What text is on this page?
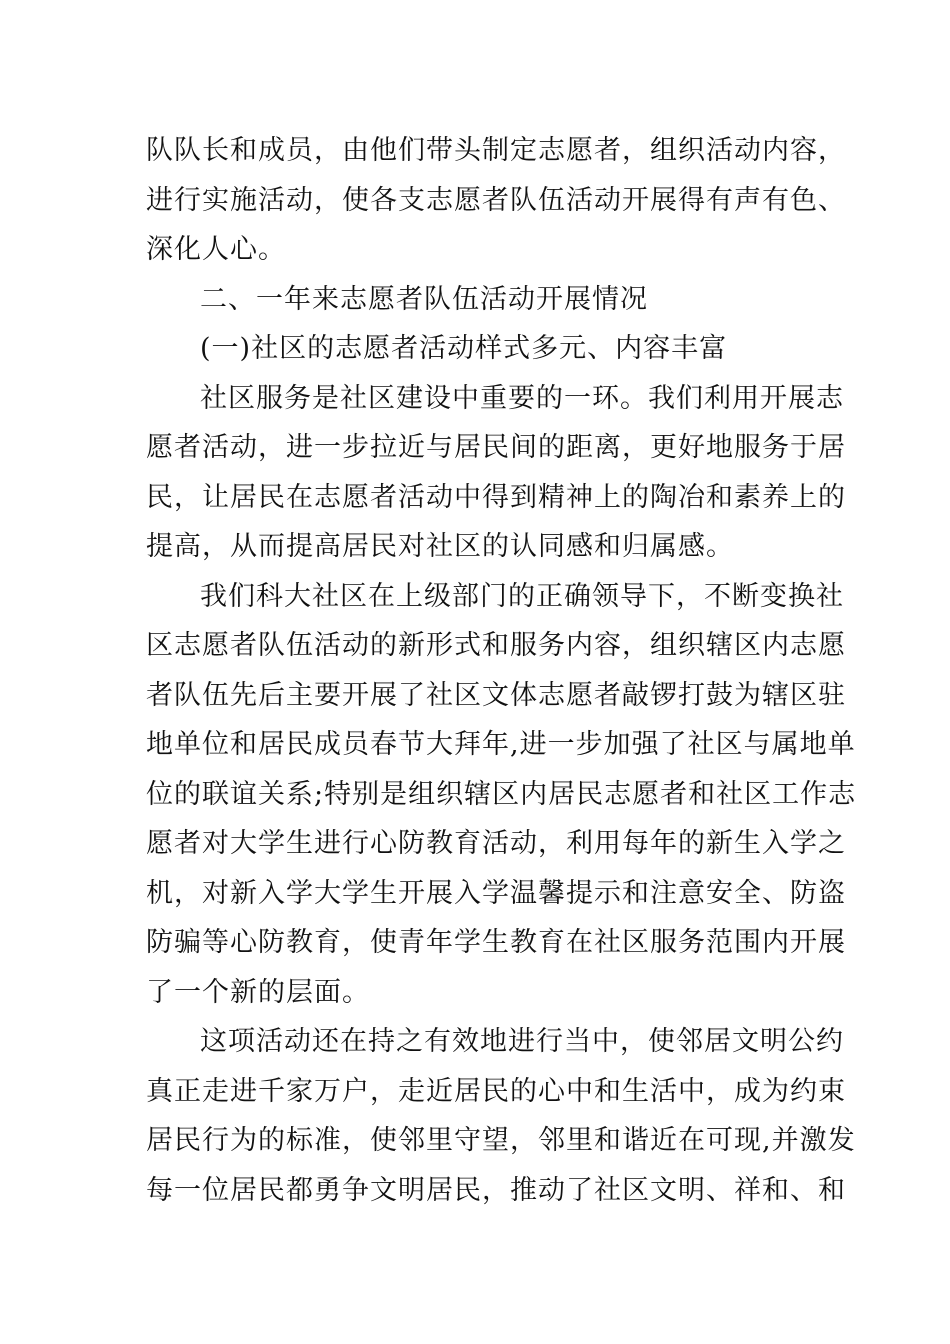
队队长和成员，由他们带头制定志愿者，组织活动内容，
进行实施活动，使各支志愿者队伍活动开展得有声有色、
深化人心。
二、一年来志愿者队伍活动开展情况
(一)社区的志愿者活动样式多元、内容丰富
社区服务是社区建设中重要的一环。我们利用开展志
愿者活动，进一步拉近与居民间的距离，更好地服务于居
民，让居民在志愿者活动中得到精神上的陶冶和素养上的
提高，从而提高居民对社区的认同感和归属感。
我们科大社区在上级部门的正确领导下，不断变换社
区志愿者队伍活动的新形式和服务内容，组织辖区内志愿
者队伍先后主要开展了社区文体志愿者敲锣打鼓为辖区驻
地单位和居民成员春节大拜年,进一步加强了社区与属地单
位的联谊关系;特别是组织辖区内居民志愿者和社区工作志
愿者对大学生进行心防教育活动，利用每年的新生入学之
机，对新入学大学生开展入学温馨提示和注意安全、防盗
防骗等心防教育，使青年学生教育在社区服务范围内开展
了一个新的层面。
这项活动还在持之有效地进行当中，使邻居文明公约
真正走进千家万户，走近居民的心中和生活中，成为约束
居民行为的标准，使邻里守望，邻里和谐近在可现,并激发
每一位居民都勇争文明居民，推动了社区文明、祥和、和
